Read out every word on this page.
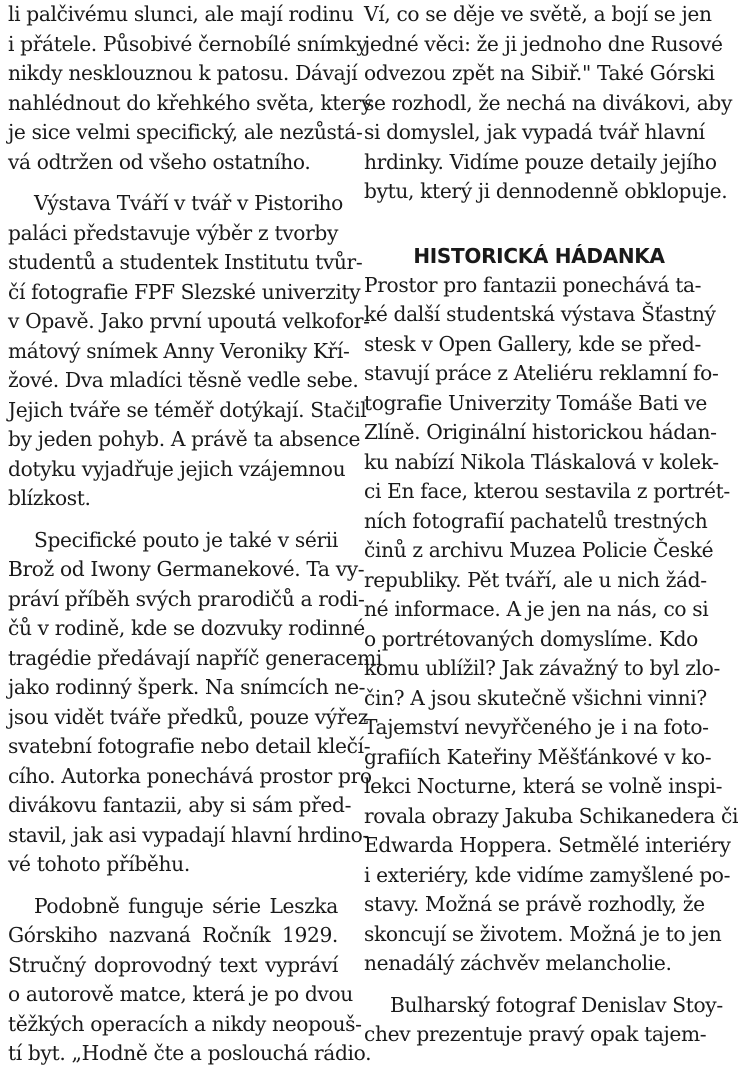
li palčivému slunci, ale mají rodinu
i přátele. Působivé černobílé snímky
nikdy nesklouznou k patosu. Dávají
nahlédnout do křehkého světa, který
je sice velmi specifický, ale nezůstá-
vá odtržen od všeho ostatního.
Výstava Tváří v tvář v Pistoriho
paláci představuje výběr z tvorby
studentů a studentek Institutu tvůr-
čí fotografie FPF Slezské univerzity
v Opavě. Jako první upoutá velkofor-
mátový snímek Anny Veroniky Kří-
žové. Dva mladíci těsně vedle sebe.
Jejich tváře se téměř dotýkají. Stačil
by jeden pohyb. A právě ta absence
dotyku vyjadřuje jejich vzájemnou
blízkost.
Specifické pouto je také v sérii
Brož od Iwony Germanekové. Ta vy-
práví příběh svých prarodičů a rodi-
čů v rodině, kde se dozvuky rodinné
tragédie předávají napříč generacemi
jako rodinný šperk. Na snímcích ne-
jsou vidět tváře předků, pouze výřez
svatební fotografie nebo detail klečí-
cího. Autorka ponechává prostor pro
divákovu fantazii, aby si sám před-
stavil, jak asi vypadají hlavní hrdino-
vé tohoto příběhu.
Podobně funguje série Leszka
Górskiho nazvaná Ročník 1929.
Stručný doprovodný text vypráví
o autorově matce, která je po dvou
těžkých operacích a nikdy neopouš-
tí byt. „Hodně čte a poslouchá rádio.
Ví, co se děje ve světě, a bojí se jen
jedné věci: že ji jednoho dne Rusové
odvezou zpět na Sibiř." Také Górski
se rozhodl, že nechá na divákovi, aby
si domyslel, jak vypadá tvář hlavní
hrdinky. Vidíme pouze detaily jejího
bytu, který ji dennodenně obklopuje.
HISTORICKÁ HÁDANKA
Prostor pro fantazii ponechává ta-
ké další studentská výstava Šťastný
stesk v Open Gallery, kde se před-
stavují práce z Ateliéru reklamní fo-
tografie Univerzity Tomáše Bati ve
Zlíně. Originální historickou hádan-
ku nabízí Nikola Tláskalová v kolek-
ci En face, kterou sestavila z portrét-
ních fotografií pachatelů trestných
činů z archivu Muzea Policie České
republiky. Pět tváří, ale u nich žád-
né informace. A je jen na nás, co si
o portrétovaných domyslíme. Kdo
komu ublížil? Jak závažný to byl zlo-
čin? A jsou skutečně všichni vinni?
Tajemství nevyřčeného je i na foto-
grafiích Kateřiny Měšťánkové v ko-
lekci Nocturne, která se volně inspi-
rovala obrazy Jakuba Schikanedera či
Edwarda Hoppera. Setmělé interiéry
i exteriéry, kde vidíme zamyšlené po-
stavy. Možná se právě rozhodly, že
skoncují se životem. Možná je to jen
nenadálý záchvěv melancholie.
Bulharský fotograf Denislav Stoy-
chev prezentuje pravý opak tajem-
